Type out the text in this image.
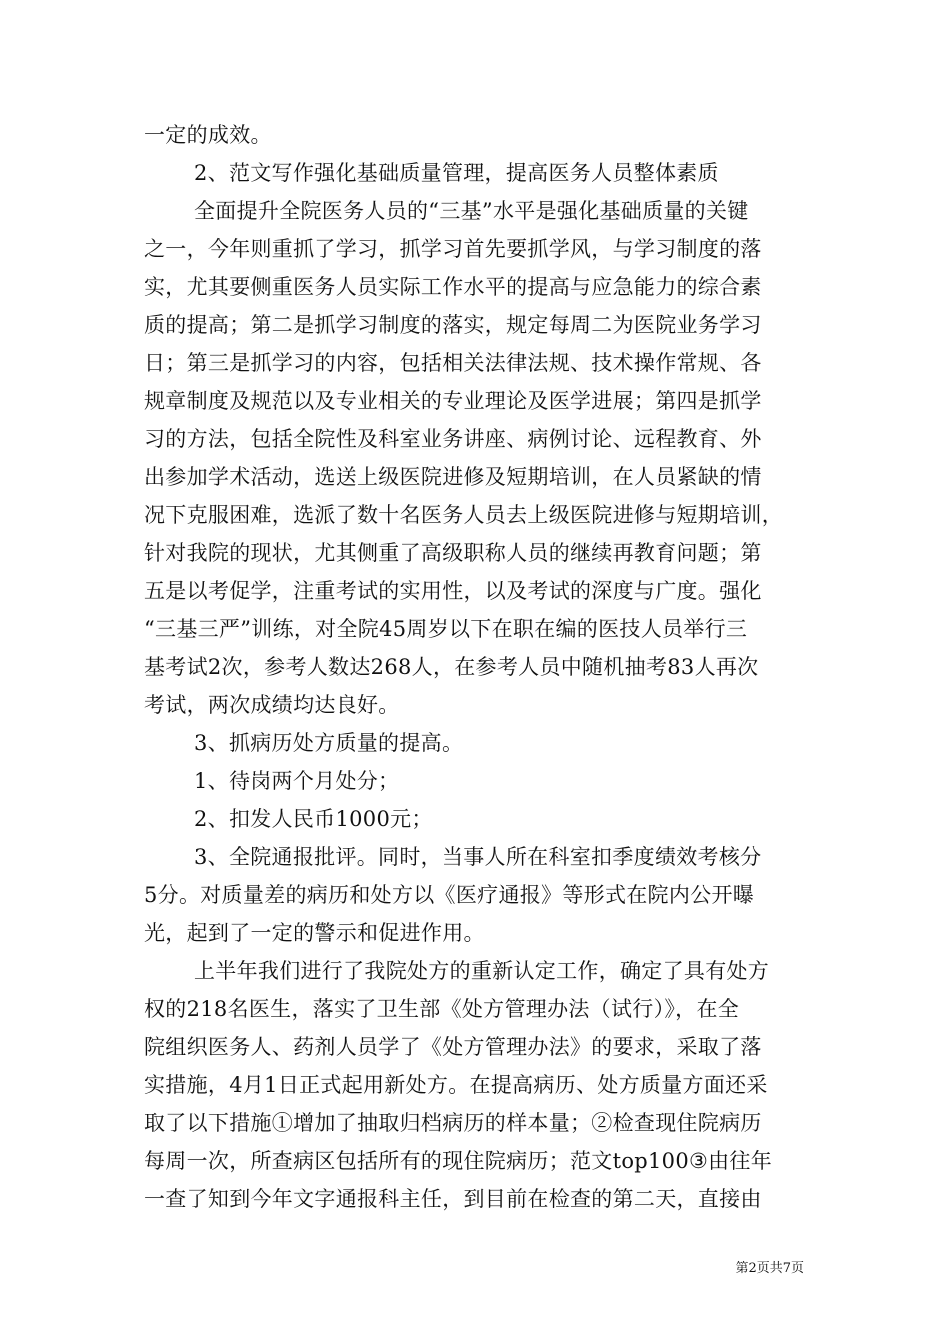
一定的成效。
2、范文写作强化基础质量管理，提高医务人员整体素质
全面提升全院医务人员的“三基”水平是强化基础质量的关键
之一，今年则重抓了学习，抓学习首先要抓学风，与学习制度的落
实，尤其要侧重医务人员实际工作水平的提高与应急能力的综合素
质的提高；第二是抓学习制度的落实，规定每周二为医院业务学习
日；第三是抓学习的内容，包括相关法律法规、技术操作常规、各
规章制度及规范以及专业相关的专业理论及医学进展；第四是抓学
习的方法，包括全院性及科室业务讲座、病例讨论、远程教育、外
出参加学术活动，选送上级医院进修及短期培训，在人员紧缺的情
况下克服困难，选派了数十名医务人员去上级医院进修与短期培训，
针对我院的现状，尤其侧重了高级职称人员的继续再教育问题；第
五是以考促学，注重考试的实用性，以及考试的深度与广度。强化
“三基三严”训练，对全院45周岁以下在职在编的医技人员举行三
基考试2次，参考人数达268人，在参考人员中随机抽考83人再次
考试，两次成绩均达良好。
3、抓病历处方质量的提高。
1、待岗两个月处分；
2、扣发人民币1000元；
3、全院通报批评。同时，当事人所在科室扣季度绩效考核分
5分。对质量差的病历和处方以《医疗通报》等形式在院内公开曝
光，起到了一定的警示和促进作用。
上半年我们进行了我院处方的重新认定工作，确定了具有处方
权的218名医生，落实了卫生部《处方管理办法（试行）》，在全
院组织医务人、药剂人员学了《处方管理办法》的要求，采取了落
实措施，4月1日正式起用新处方。在提高病历、处方质量方面还采
取了以下措施①增加了抽取归档病历的样本量；②检查现住院病历
每周一次，所查病区包括所有的现住院病历；范文top100③由往年
一查了知到今年文字通报科主任，到目前在检查的第二天，直接由
第2页共7页
